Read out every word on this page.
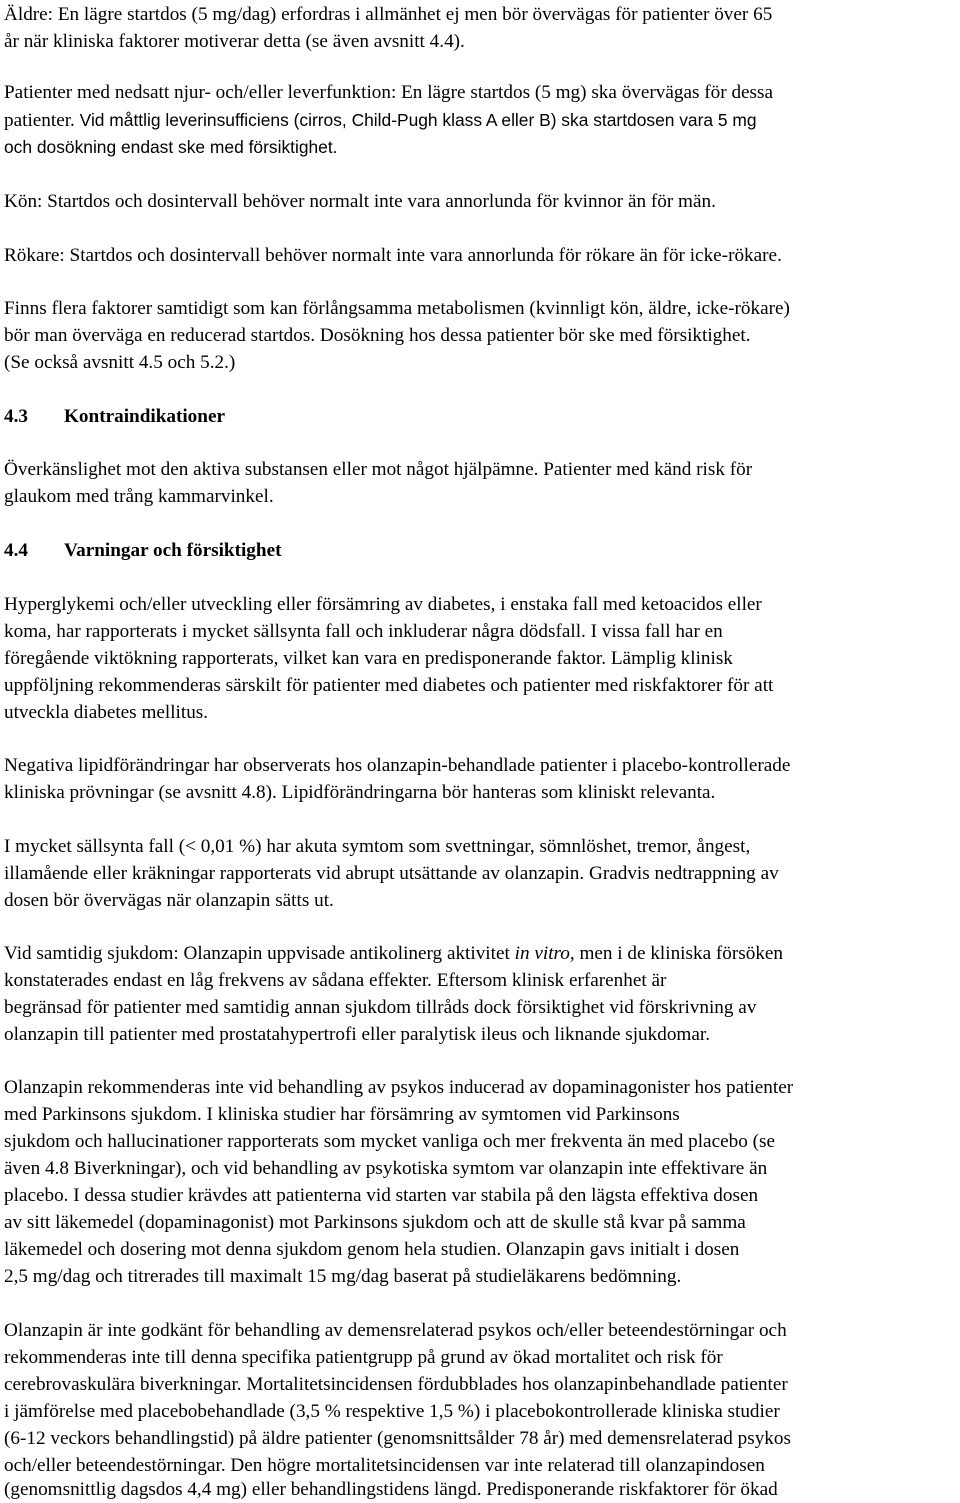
Äldre: En lägre startdos (5 mg/dag) erfordras i allmänhet ej men bör övervägas för patienter över 65
år när kliniska faktorer motiverar detta (se även avsnitt 4.4).
Patienter med nedsatt njur- och/eller leverfunktion: En lägre startdos (5 mg) ska övervägas för dessa
patienter. Vid måttlig leverinsufficiens (cirros, Child-Pugh klass A eller B) ska startdosen vara 5 mg
och dosökning endast ske med försiktighet.
Kön: Startdos och dosintervall behöver normalt inte vara annorlunda för kvinnor än för män.
Rökare: Startdos och dosintervall behöver normalt inte vara annorlunda för rökare än för icke-rökare.
Finns flera faktorer samtidigt som kan förlångsamma metabolismen (kvinnligt kön, äldre, icke-rökare)
bör man överväga en reducerad startdos. Dosökning hos dessa patienter bör ske med försiktighet.
(Se också avsnitt 4.5 och 5.2.)
4.3 Kontraindikationer
Överkänslighet mot den aktiva substansen eller mot något hjälpämne. Patienter med känd risk för
glaukom med trång kammarvinkel.
4.4 Varningar och försiktighet
Hyperglykemi och/eller utveckling eller försämring av diabetes, i enstaka fall med ketoacidos eller
koma, har rapporterats i mycket sällsynta fall och inkluderar några dödsfall. I vissa fall har en
föregående viktökning rapporterats, vilket kan vara en predisponerande faktor. Lämplig klinisk
uppföljning rekommenderas särskilt för patienter med diabetes och patienter med riskfaktorer för att
utveckla diabetes mellitus.
Negativa lipidförändringar har observerats hos olanzapin-behandlade patienter i placebo-kontrollerade
kliniska prövningar (se avsnitt 4.8). Lipidförändringarna bör hanteras som kliniskt relevanta.
I mycket sällsynta fall (< 0,01 %) har akuta symtom som svettningar, sömnlöshet, tremor, ångest,
illamående eller kräkningar rapporterats vid abrupt utsättande av olanzapin. Gradvis nedtrappning av
dosen bör övervägas när olanzapin sätts ut.
Vid samtidig sjukdom: Olanzapin uppvisade antikolinerg aktivitet in vitro, men i de kliniska försöken
konstaterades endast en låg frekvens av sådana effekter. Eftersom klinisk erfarenhet är
begränsad för patienter med samtidig annan sjukdom tillråds dock försiktighet vid förskrivning av
olanzapin till patienter med prostatahypertrofi eller paralytisk ileus och liknande sjukdomar.
Olanzapin rekommenderas inte vid behandling av psykos inducerad av dopaminagonister hos patienter
med Parkinsons sjukdom. I kliniska studier har försämring av symtomen vid Parkinsons
sjukdom och hallucinationer rapporterats som mycket vanliga och mer frekventa än med placebo (se
även 4.8 Biverkningar), och vid behandling av psykotiska symtom var olanzapin inte effektivare än
placebo. I dessa studier krävdes att patienterna vid starten var stabila på den lägsta effektiva dosen
av sitt läkemedel (dopaminagonist) mot Parkinsons sjukdom och att de skulle stå kvar på samma
läkemedel och dosering mot denna sjukdom genom hela studien. Olanzapin gavs initialt i dosen
2,5 mg/dag och titrerades till maximalt 15 mg/dag baserat på studieläkarens bedömning.
Olanzapin är inte godkänt för behandling av demensrelaterad psykos och/eller beteendestörningar och
rekommenderas inte till denna specifika patientgrupp på grund av ökad mortalitet och risk för
cerebrovaskulära biverkningar. Mortalitetsincidensen fördubblades hos olanzapinbehandlade patienter
i jämförelse med placebobehandlade (3,5 % respektive 1,5 %) i placebokontrollerade kliniska studier
(6-12 veckors behandlingstid) på äldre patienter (genomsnittsålder 78 år) med demensrelaterad psykos
och/eller beteendestörningar. Den högre mortalitetsincidensen var inte relaterad till olanzapindosen
(genomsnittlig dagsdos 4,4 mg) eller behandlingstidens längd. Predisponerande riskfaktorer för ökad
